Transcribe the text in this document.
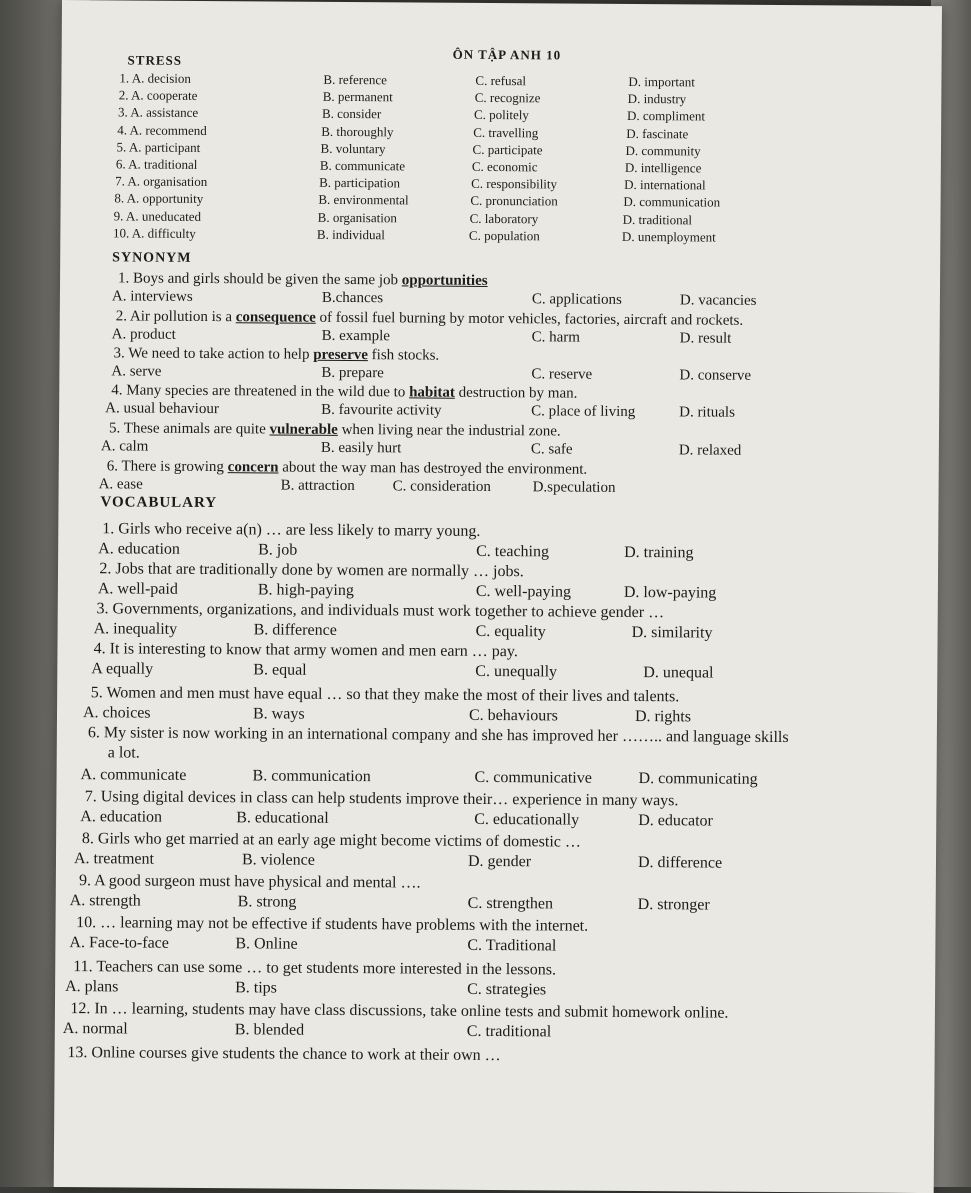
ÔN TẬP ANH 10
STRESS
SYNONYM
VOCABULARY
1. A. decision	B. reference	C. refusal	D. important
2. A. cooperate	B. permanent	C. recognize	D. industry
3. A. assistance	B. consider	C. politely	D. compliment
4. A. recommend	B. thoroughly	C. travelling	D. fascinate
5. A. participant	B. voluntary	C. participate	D. community
6. A. traditional	B. communicate	C. economic	D. intelligence
7. A. organisation	B. participation	C. responsibility	D. international
8. A. opportunity	B. environmental	C. pronunciation	D. communication
9. A. uneducated	B. organisation	C. laboratory	D. traditional
10. A. difficulty	B. individual	C. population	D. unemployment
1. Boys and girls should be given the same job opportunities
A. interviews	B.chances	C. applications	D. vacancies
2. Air pollution is a consequence of fossil fuel burning by motor vehicles, factories, aircraft and rockets.
A. product	B. example	C. harm	D. result
3. We need to take action to help preserve fish stocks.
A. serve	B. prepare	C. reserve	D. conserve
4. Many species are threatened in the wild due to habitat destruction by man.
A. usual behaviour	B. favourite activity	C. place of living	D. rituals
5. These animals are quite vulnerable when living near the industrial zone.
A. calm	B. easily hurt	C. safe	D. relaxed
6. There is growing concern about the way man has destroyed the environment.
A. ease	B. attraction	C. consideration	D.speculation
1. Girls who receive a(n) … are less likely to marry young.
A. education	B. job	C. teaching	D. training
2. Jobs that are traditionally done by women are normally … jobs.
A. well-paid	B. high-paying	C. well-paying	D. low-paying
3. Governments, organizations, and individuals must work together to achieve gender …
A. inequality	B. difference	C. equality	D. similarity
4. It is interesting to know that army women and men earn … pay.
A equally	B. equal	C. unequally	D. unequal
5. Women and men must have equal … so that they make the most of their lives and talents.
A. choices	B. ways	C. behaviours	D. rights
6. My sister is now working in an international company and she has improved her …….. and language skills
a lot.
A. communicate	B. communication	C. communicative	D. communicating
7. Using digital devices in class can help students improve their… experience in many ways.
A. education	B. educational	C. educationally	D. educator
8. Girls who get married at an early age might become victims of domestic …
A. treatment	B. violence	D. gender	D. difference
9. A good surgeon must have physical and mental ….
A. strength	B. strong	C. strengthen	D. stronger
10. … learning may not be effective if students have problems with the internet.
A. Face-to-face	B. Online	C. Traditional
11. Teachers can use some … to get students more interested in the lessons.
A. plans	B. tips	C. strategies
12. In … learning, students may have class discussions, take online tests and submit homework online.
A. normal	B. blended	C. traditional
13. Online courses give students the chance to work at their own …
